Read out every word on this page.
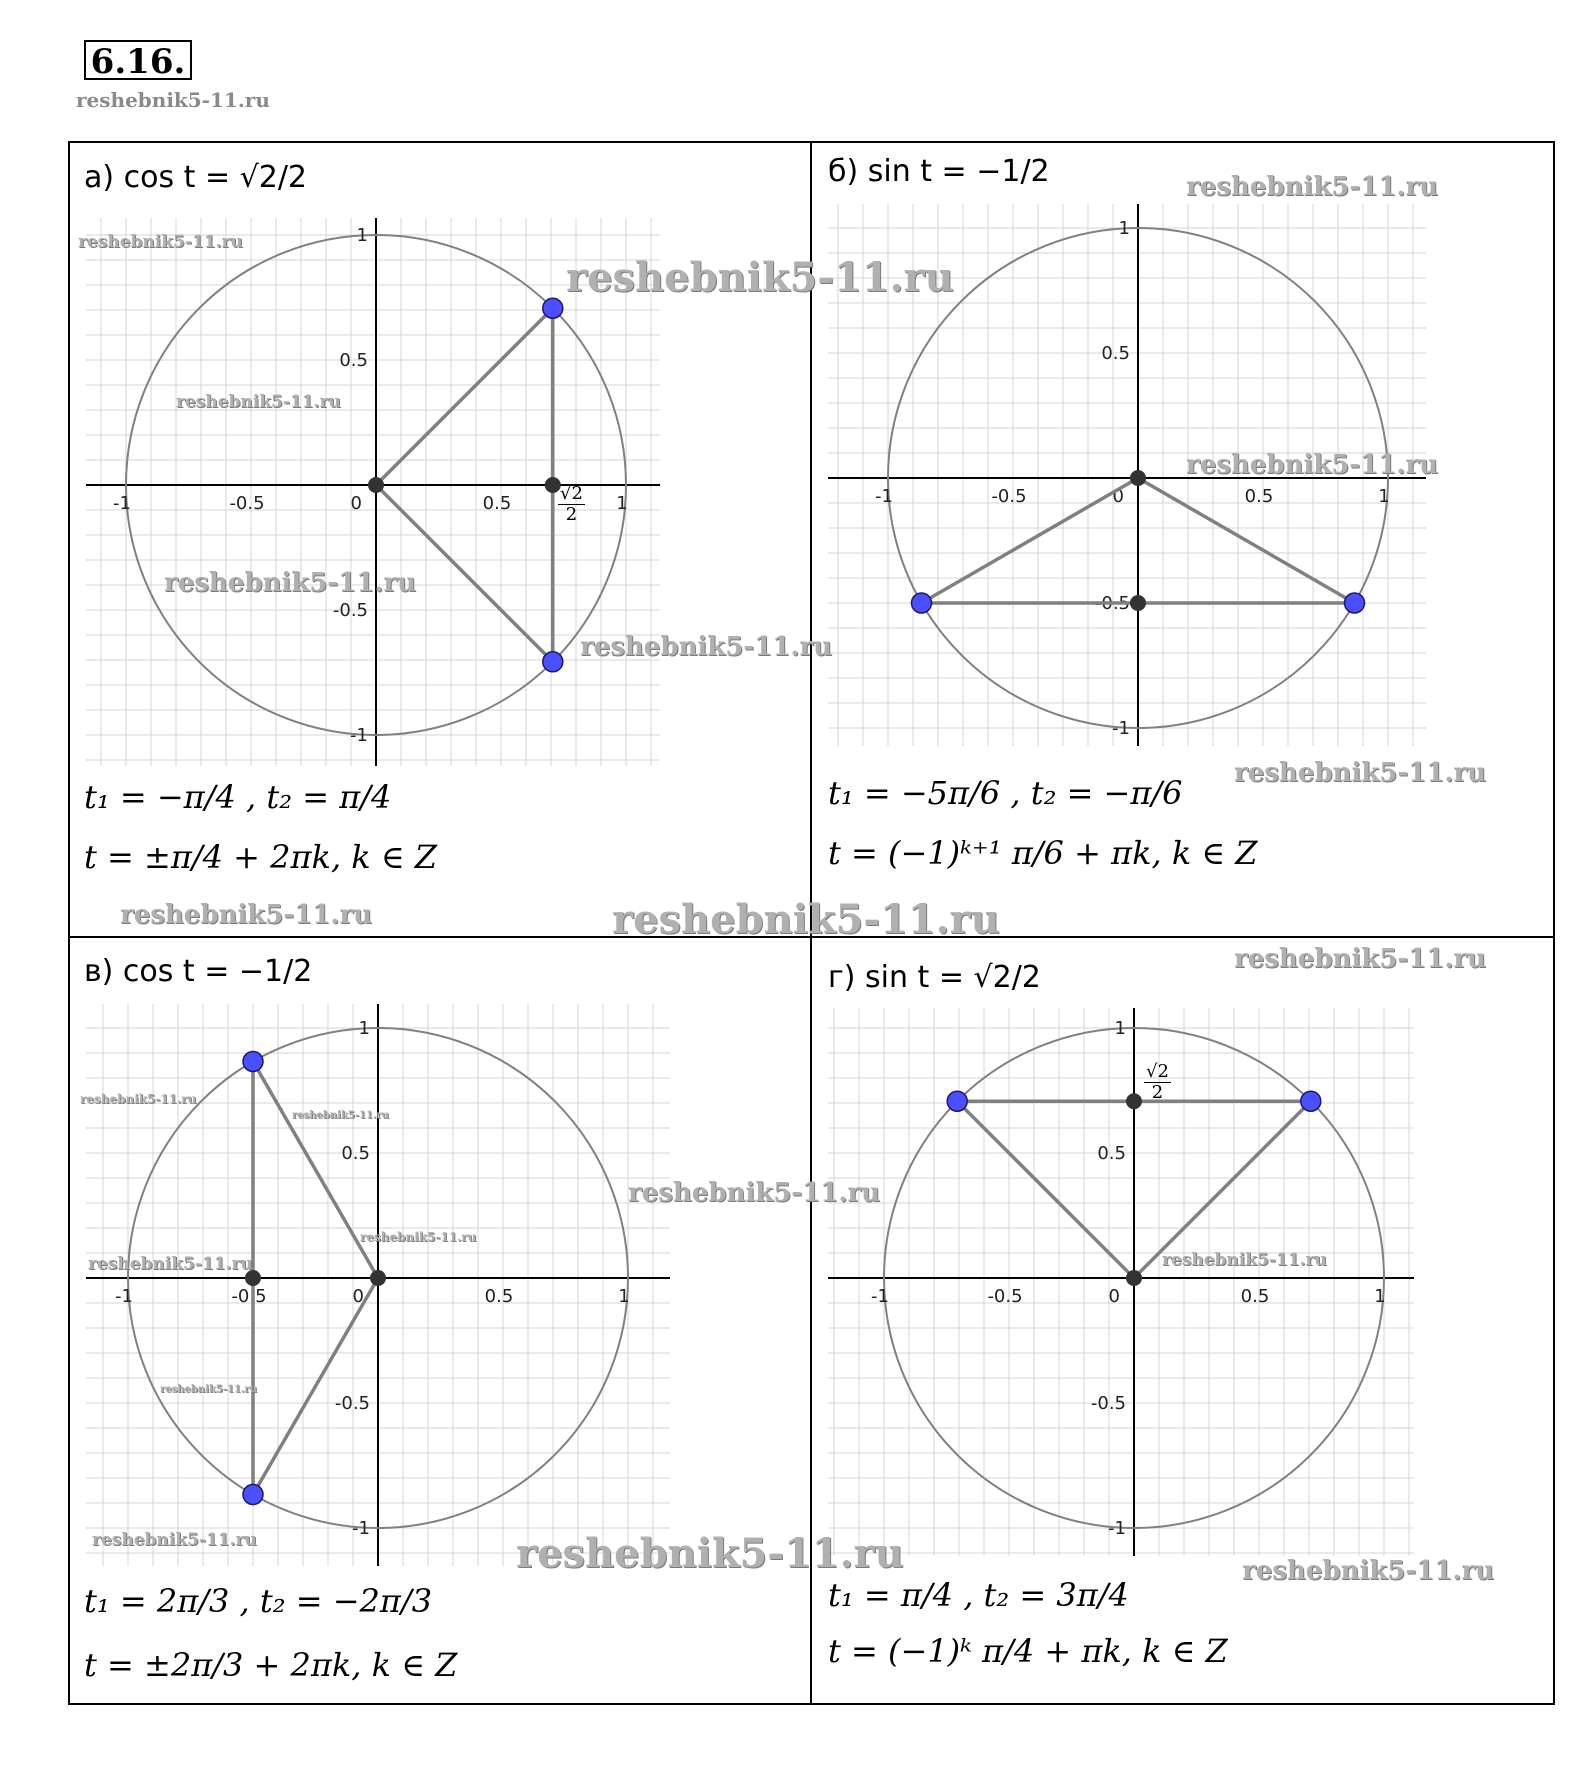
6.16.
reshebnik5-11.ru
а) cos t = √2/2	б) sin t = −1/2
в) cos t = −1/2	г) sin t = √2/2
-1
-1
-0.5
-0.5
0.5
0.5
1
1
0	-1
-1
-0.5
-0.5
0.5
0.5
1
1
0
-1
-1
-0.5
-0.5
0.5
0.5
1
1
0	-1
-1
-0.5
-0.5
0.5
0.5
1
1
0
√2
2
√2
2
t₁ = −π/4 , t₂ = π/4
t = ±π/4 + 2πk, k ∈ Z
t₁ = −5π/6 , t₂ = −π/6
t = (−1)ᵏ⁺¹ π/6 + πk, k ∈ Z
t₁ = 2π/3 , t₂ = −2π/3
t = ±2π/3 + 2πk, k ∈ Z
t₁ = π/4 , t₂ = 3π/4
t = (−1)ᵏ π/4 + πk, k ∈ Z
reshebnik5-11.ru
reshebnik5-11.ru
reshebnik5-11.ru
reshebnik5-11.ru
reshebnik5-11.ru
reshebnik5-11.ru	reshebnik5-11.ru
reshebnik5-11.ru
reshebnik5-11.ru
reshebnik5-11.ru
reshebnik5-11.ru
reshebnik5-11.ru
reshebnik5-11.ru
reshebnik5-11.ru
reshebnik5-11.ru
reshebnik5-11.ru	reshebnik5-11.ru
reshebnik5-11.ru
reshebnik5-11.ru	reshebnik5-11.ru	reshebnik5-11.ru
